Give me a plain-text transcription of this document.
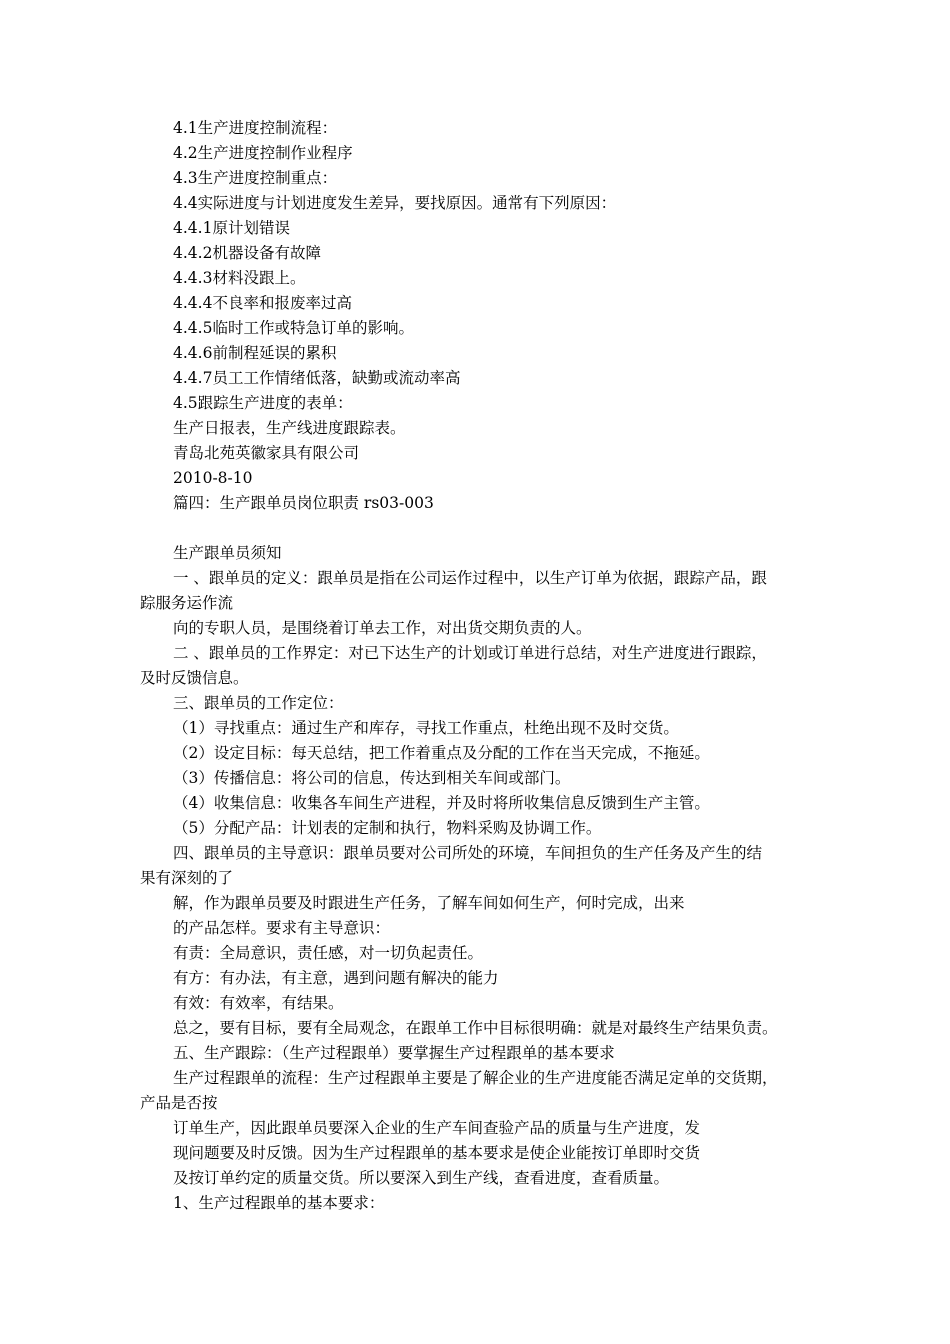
4.1生产进度控制流程：
4.2生产进度控制作业程序
4.3生产进度控制重点：
4.4实际进度与计划进度发生差异，要找原因。通常有下列原因：
4.4.1原计划错误
4.4.2机器设备有故障
4.4.3材料没跟上。
4.4.4不良率和报废率过高
4.4.5临时工作或特急订单的影响。
4.4.6前制程延误的累积
4.4.7员工工作情绪低落，缺勤或流动率高
4.5跟踪生产进度的表单：
生产日报表，生产线进度跟踪表。
青岛北苑英徽家具有限公司
2010-8-10
篇四：生产跟单员岗位职责 rs03-003
生产跟单员须知
一 、跟单员的定义：跟单员是指在公司运作过程中，以生产订单为依据，跟踪产品，跟
踪服务运作流
向的专职人员，是围绕着订单去工作，对出货交期负责的人。
二 、跟单员的工作界定：对已下达生产的计划或订单进行总结，对生产进度进行跟踪，
及时反馈信息。
三、跟单员的工作定位：
（1）寻找重点：通过生产和库存，寻找工作重点，杜绝出现不及时交货。
（2）设定目标：每天总结，把工作着重点及分配的工作在当天完成，不拖延。
（3）传播信息：将公司的信息，传达到相关车间或部门。
（4）收集信息：收集各车间生产进程，并及时将所收集信息反馈到生产主管。
（5）分配产品：计划表的定制和执行，物料采购及协调工作。
四、跟单员的主导意识：跟单员要对公司所处的环境，车间担负的生产任务及产生的结
果有深刻的了
解，作为跟单员要及时跟进生产任务，了解车间如何生产，何时完成，出来
的产品怎样。要求有主导意识：
有责：全局意识，责任感，对一切负起责任。
有方：有办法，有主意，遇到问题有解决的能力
有效：有效率，有结果。
总之，要有目标，要有全局观念，在跟单工作中目标很明确：就是对最终生产结果负责。
五、生产跟踪：（生产过程跟单）要掌握生产过程跟单的基本要求
生产过程跟单的流程：生产过程跟单主要是了解企业的生产进度能否满足定单的交货期，
产品是否按
订单生产，因此跟单员要深入企业的生产车间查验产品的质量与生产进度，发
现问题要及时反馈。因为生产过程跟单的基本要求是使企业能按订单即时交货
及按订单约定的质量交货。所以要深入到生产线，查看进度，查看质量。
1、生产过程跟单的基本要求：
